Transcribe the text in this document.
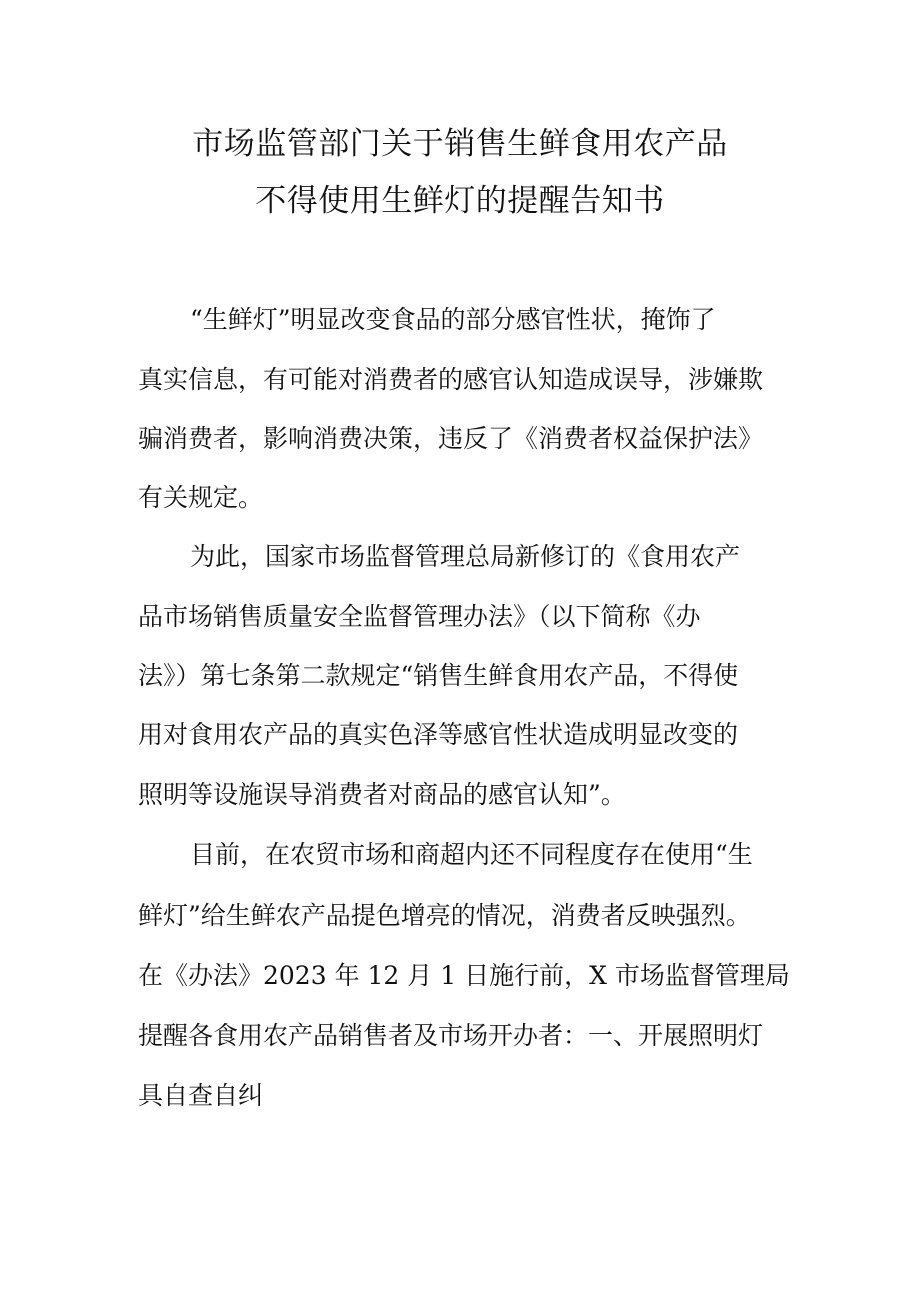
市场监管部门关于销售生鲜食用农产品
不得使用生鲜灯的提醒告知书
“生鲜灯”明显改变食品的部分感官性状，掩饰了
真实信息，有可能对消费者的感官认知造成误导，涉嫌欺
骗消费者，影响消费决策，违反了《消费者权益保护法》
有关规定。
为此，国家市场监督管理总局新修订的《食用农产
品市场销售质量安全监督管理办法》（以下简称《办
法》）第七条第二款规定“销售生鲜食用农产品，不得使
用对食用农产品的真实色泽等感官性状造成明显改变的
照明等设施误导消费者对商品的感官认知”。
目前，在农贸市场和商超内还不同程度存在使用“生
鲜灯”给生鲜农产品提色增亮的情况，消费者反映强烈。
在《办法》2023 年 12 月 1 日施行前，X 市场监督管理局
提醒各食用农产品销售者及市场开办者：一、开展照明灯
具自查自纠
